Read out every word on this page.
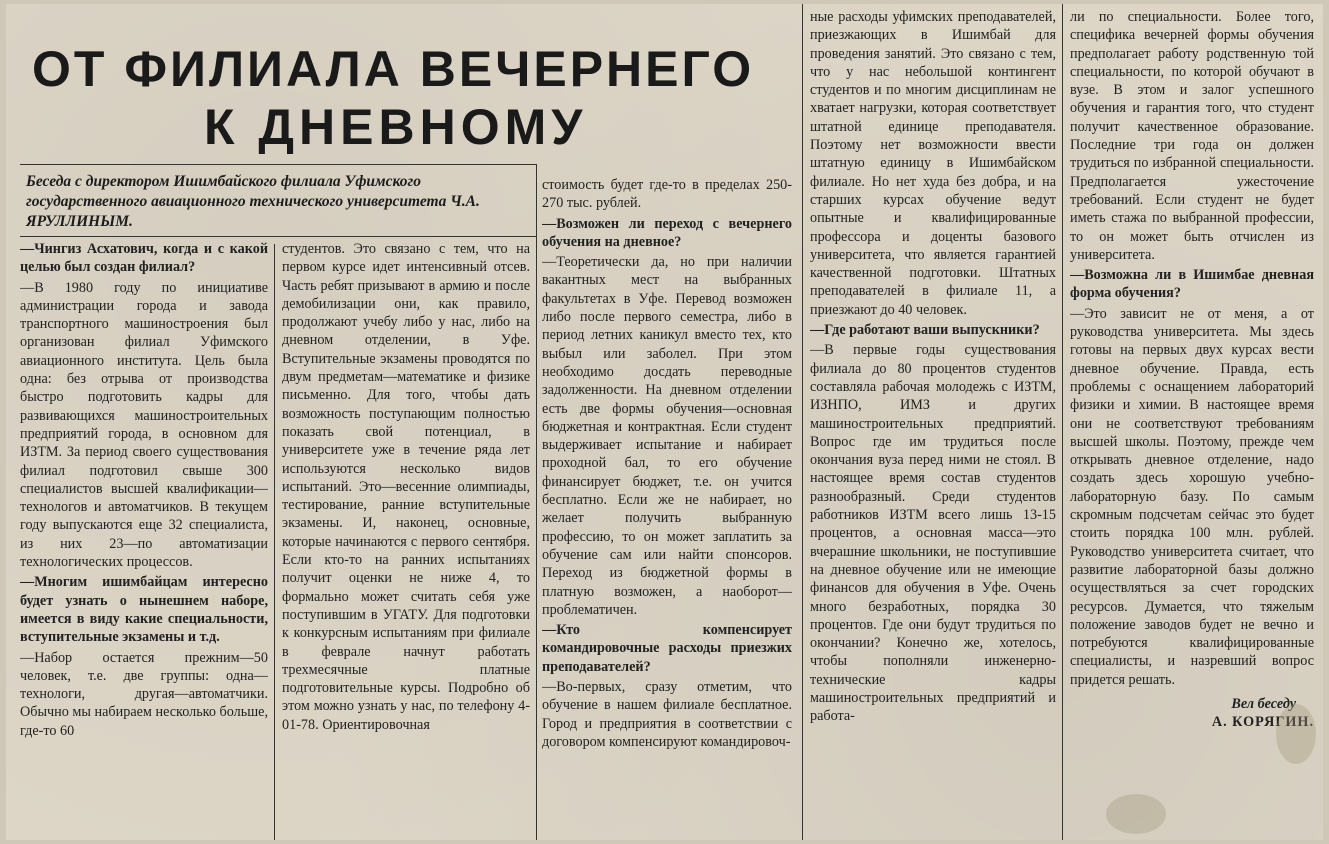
ОТ ФИЛИАЛА ВЕЧЕРНЕГО
К ДНЕВНОМУ

Беседа с директором Ишимбайского филиала Уфимского государственного авиационного технического университета Ч.А. ЯРУЛЛИНЫМ.

—Чингиз Асхатович, когда и с какой целью был создан филиал?

—В 1980 году по инициативе администрации города и завода транспортного машиностроения был организован филиал Уфимского авиационного института. Цель была одна: без отрыва от производства быстро подготовить кадры для развивающихся машиностроительных предприятий города, в основном для ИЗТМ. За период своего существования филиал подготовил свыше 300 специалистов высшей квалификации—технологов и автоматчиков. В текущем году выпускаются еще 32 специалиста, из них 23—по автоматизации технологических процессов.

—Многим ишимбайцам интересно будет узнать о нынешнем наборе, имеется в виду какие специальности, вступительные экзамены и т.д.

—Набор остается прежним—50 человек, т.е. две группы: одна—технологи, другая—автоматчики. Обычно мы набираем несколько больше, где-то 60

студентов. Это связано с тем, что на первом курсе идет интенсивный отсев. Часть ребят призывают в армию и после демобилизации они, как правило, продолжают учебу либо у нас, либо на дневном отделении, в Уфе. Вступительные экзамены проводятся по двум предметам—математике и физике письменно. Для того, чтобы дать возможность поступающим полностью показать свой потенциал, в университете уже в течение ряда лет используются несколько видов испытаний. Это—весенние олимпиады, тестирование, ранние вступительные экзамены. И, наконец, основные, которые начинаются с первого сентября. Если кто-то на ранних испытаниях получит оценки не ниже 4, то формально может считать себя уже поступившим в УГАТУ. Для подготовки к конкурсным испытаниям при филиале в феврале начнут работать трехмесячные платные подготовительные курсы. Подробно об этом можно узнать у нас, по телефону 4-01-78. Ориентировочная

стоимость будет где-то в пределах 250-270 тыс. рублей.

—Возможен ли переход с вечернего обучения на дневное?

—Теоретически да, но при наличии вакантных мест на выбранных факультетах в Уфе. Перевод возможен либо после первого семестра, либо в период летних каникул вместо тех, кто выбыл или заболел. При этом необходимо досдать переводные задолженности. На дневном отделении есть две формы обучения—основная бюджетная и контрактная. Если студент выдерживает испытание и набирает проходной бал, то его обучение финансирует бюджет, т.е. он учится бесплатно. Если же не набирает, но желает получить выбранную профессию, то он может заплатить за обучение сам или найти спонсоров. Переход из бюджетной формы в платную возможен, а наоборот—проблематичен.

—Кто компенсирует командировочные расходы приезжих преподавателей?

—Во-первых, сразу отметим, что обучение в нашем филиале бесплатное. Город и предприятия в соответствии с договором компенсируют командировоч-

ные расходы уфимских преподавателей, приезжающих в Ишимбай для проведения занятий. Это связано с тем, что у нас небольшой контингент студентов и по многим дисциплинам не хватает нагрузки, которая соответствует штатной единице преподавателя. Поэтому нет возможности ввести штатную единицу в Ишимбайском филиале. Но нет худа без добра, и на старших курсах обучение ведут опытные и квалифицированные профессора и доценты базового университета, что является гарантией качественной подготовки. Штатных преподавателей в филиале 11, а приезжают до 40 человек.

—Где работают ваши выпускники?

—В первые годы существования филиала до 80 процентов студентов составляла рабочая молодежь с ИЗТМ, ИЗНПО, ИМЗ и других машиностроительных предприятий. Вопрос где им трудиться после окончания вуза перед ними не стоял. В настоящее время состав студентов разнообразный. Среди студентов работников ИЗТМ всего лишь 13-15 процентов, а основная масса—это вчерашние школьники, не поступившие на дневное обучение или не имеющие финансов для обучения в Уфе. Очень много безработных, порядка 30 процентов. Где они будут трудиться по окончании? Конечно же, хотелось, чтобы пополняли инженерно-технические кадры машиностроительных предприятий и работа-

ли по специальности. Более того, специфика вечерней формы обучения предполагает работу родственную той специальности, по которой обучают в вузе. В этом и залог успешного обучения и гарантия того, что студент получит качественное образование. Последние три года он должен трудиться по избранной специальности. Предполагается ужесточение требований. Если студент не будет иметь стажа по выбранной профессии, то он может быть отчислен из университета.

—Возможна ли в Ишимбае дневная форма обучения?

—Это зависит не от меня, а от руководства университета. Мы здесь готовы на первых двух курсах вести дневное обучение. Правда, есть проблемы с оснащением лабораторий физики и химии. В настоящее время они не соответствуют требованиям высшей школы. Поэтому, прежде чем открывать дневное отделение, надо создать здесь хорошую учебно-лабораторную базу. По самым скромным подсчетам сейчас это будет стоить порядка 100 млн. рублей. Руководство университета считает, что развитие лабораторной базы должно осуществляться за счет городских ресурсов. Думается, что тяжелым положение заводов будет не вечно и потребуются квалифицированные специалисты, и назревший вопрос придется решать.

Вел беседу
А. КОРЯГИН.
